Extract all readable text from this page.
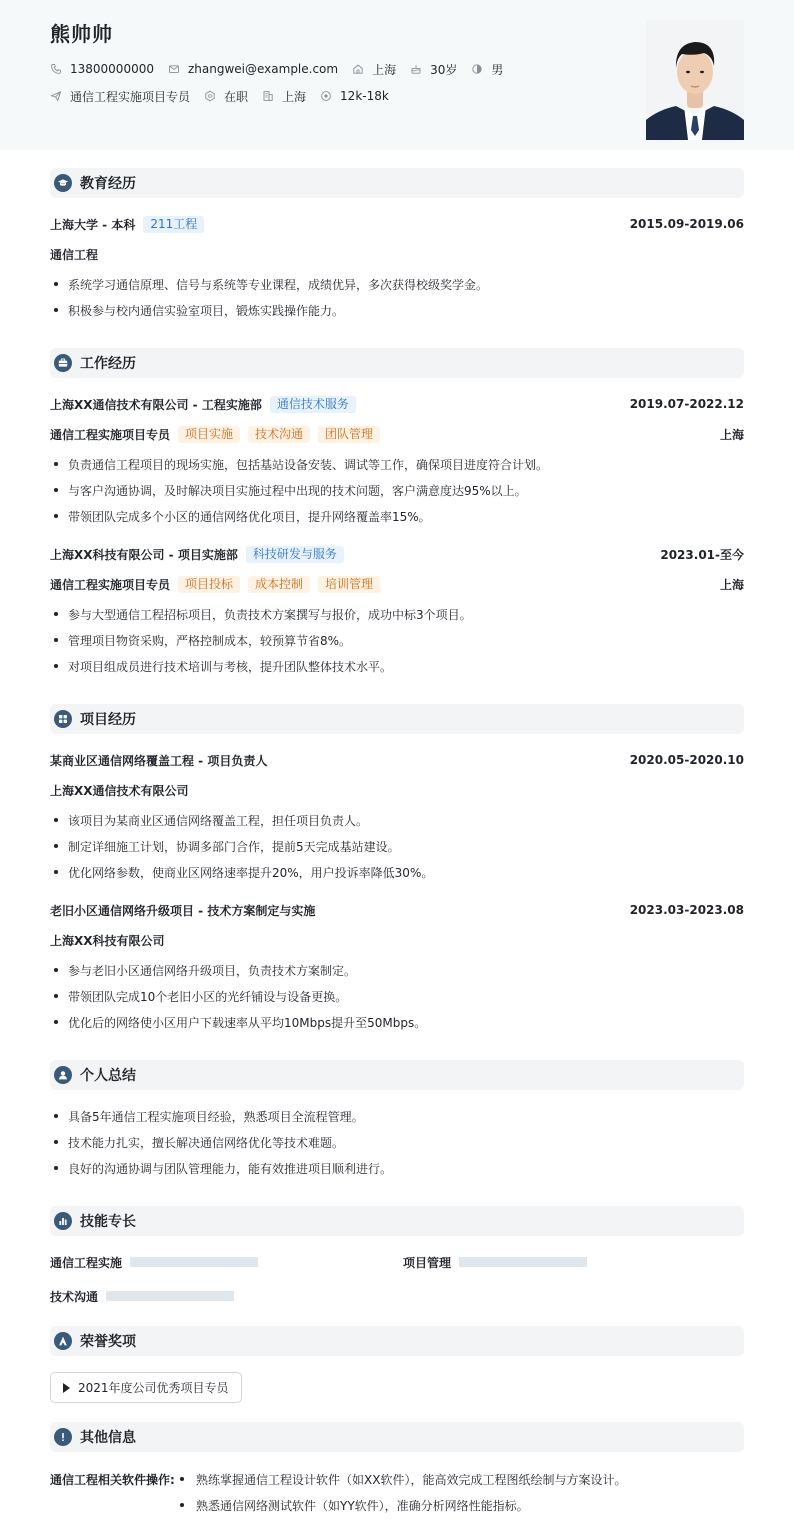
熊帅帅
13800000000	zhangwei@example.com	上海	30岁	男
通信工程实施项目专员	在职	上海	12k-18k
教育经历
上海大学 - 本科	211工程	2015.09-2019.06
通信工程
系统学习通信原理、信号与系统等专业课程，成绩优异，多次获得校级奖学金。
积极参与校内通信实验室项目，锻炼实践操作能力。
工作经历
上海XX通信技术有限公司 - 工程实施部	通信技术服务	2019.07-2022.12
通信工程实施项目专员	项目实施	技术沟通	团队管理	上海
负责通信工程项目的现场实施，包括基站设备安装、调试等工作，确保项目进度符合计划。
与客户沟通协调，及时解决项目实施过程中出现的技术问题，客户满意度达95%以上。
带领团队完成多个小区的通信网络优化项目，提升网络覆盖率15%。
上海XX科技有限公司 - 项目实施部	科技研发与服务	2023.01-至今
通信工程实施项目专员	项目投标	成本控制	培训管理	上海
参与大型通信工程招标项目，负责技术方案撰写与报价，成功中标3个项目。
管理项目物资采购，严格控制成本，较预算节省8%。
对项目组成员进行技术培训与考核，提升团队整体技术水平。
项目经历
某商业区通信网络覆盖工程 - 项目负责人	2020.05-2020.10
上海XX通信技术有限公司
该项目为某商业区通信网络覆盖工程，担任项目负责人。
制定详细施工计划，协调多部门合作，提前5天完成基站建设。
优化网络参数，使商业区网络速率提升20%，用户投诉率降低30%。
老旧小区通信网络升级项目 - 技术方案制定与实施	2023.03-2023.08
上海XX科技有限公司
参与老旧小区通信网络升级项目，负责技术方案制定。
带领团队完成10个老旧小区的光纤铺设与设备更换。
优化后的网络使小区用户下载速率从平均10Mbps提升至50Mbps。
个人总结
具备5年通信工程实施项目经验，熟悉项目全流程管理。
技术能力扎实，擅长解决通信网络优化等技术难题。
良好的沟通协调与团队管理能力，能有效推进项目顺利进行。
技能专长
通信工程实施	项目管理
技术沟通
荣誉奖项
2021年度公司优秀项目专员
其他信息
通信工程相关软件操作: 熟练掌握通信工程设计软件（如XX软件），能高效完成工程图纸绘制与方案设计。
熟悉通信网络测试软件（如YY软件），准确分析网络性能指标。
